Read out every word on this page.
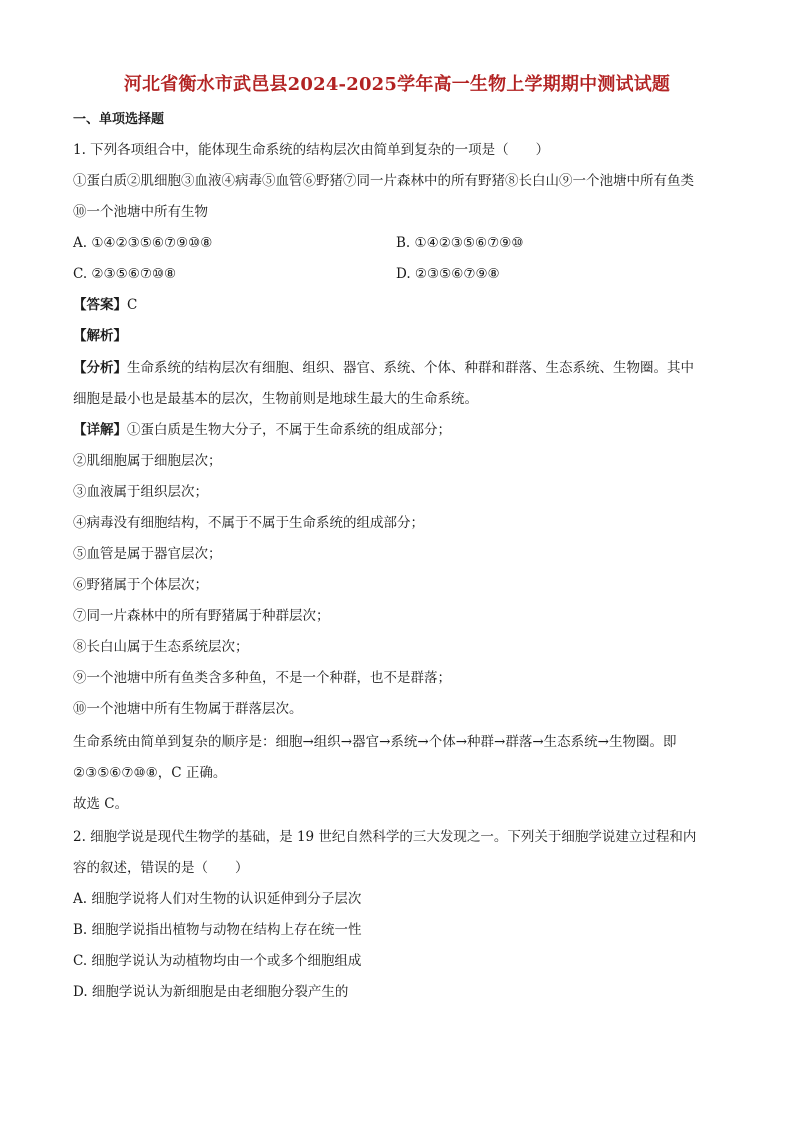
河北省衡水市武邑县2024-2025学年高一生物上学期期中测试试题
一、单项选择题
1. 下列各项组合中，能体现生命系统的结构层次由简单到复杂的一项是（　　）
①蛋白质②肌细胞③血液④病毒⑤血管⑥野猪⑦同一片森林中的所有野猪⑧长白山⑨一个池塘中所有鱼类
⑩一个池塘中所有生物
A. ①④②③⑤⑥⑦⑨⑩⑧	B. ①④②③⑤⑥⑦⑨⑩
C. ②③⑤⑥⑦⑩⑧	D. ②③⑤⑥⑦⑨⑧
【答案】C
【解析】
【分析】生命系统的结构层次有细胞、组织、器官、系统、个体、种群和群落、生态系统、生物圈。其中
细胞是最小也是最基本的层次，生物前则是地球生最大的生命系统。
【详解】①蛋白质是生物大分子，不属于生命系统的组成部分；
②肌细胞属于细胞层次；
③血液属于组织层次；
④病毒没有细胞结构，不属于不属于生命系统的组成部分；
⑤血管是属于器官层次；
⑥野猪属于个体层次；
⑦同一片森林中的所有野猪属于种群层次；
⑧长白山属于生态系统层次；
⑨一个池塘中所有鱼类含多种鱼，不是一个种群，也不是群落；
⑩一个池塘中所有生物属于群落层次。
生命系统由简单到复杂的顺序是：细胞→组织→器官→系统→个体→种群→群落→生态系统→生物圈。即
②③⑤⑥⑦⑩⑧，C 正确。
故选 C。
2. 细胞学说是现代生物学的基础，是 19 世纪自然科学的三大发现之一。下列关于细胞学说建立过程和内
容的叙述，错误的是（　　）
A. 细胞学说将人们对生物的认识延伸到分子层次
B. 细胞学说指出植物与动物在结构上存在统一性
C. 细胞学说认为动植物均由一个或多个细胞组成
D. 细胞学说认为新细胞是由老细胞分裂产生的
